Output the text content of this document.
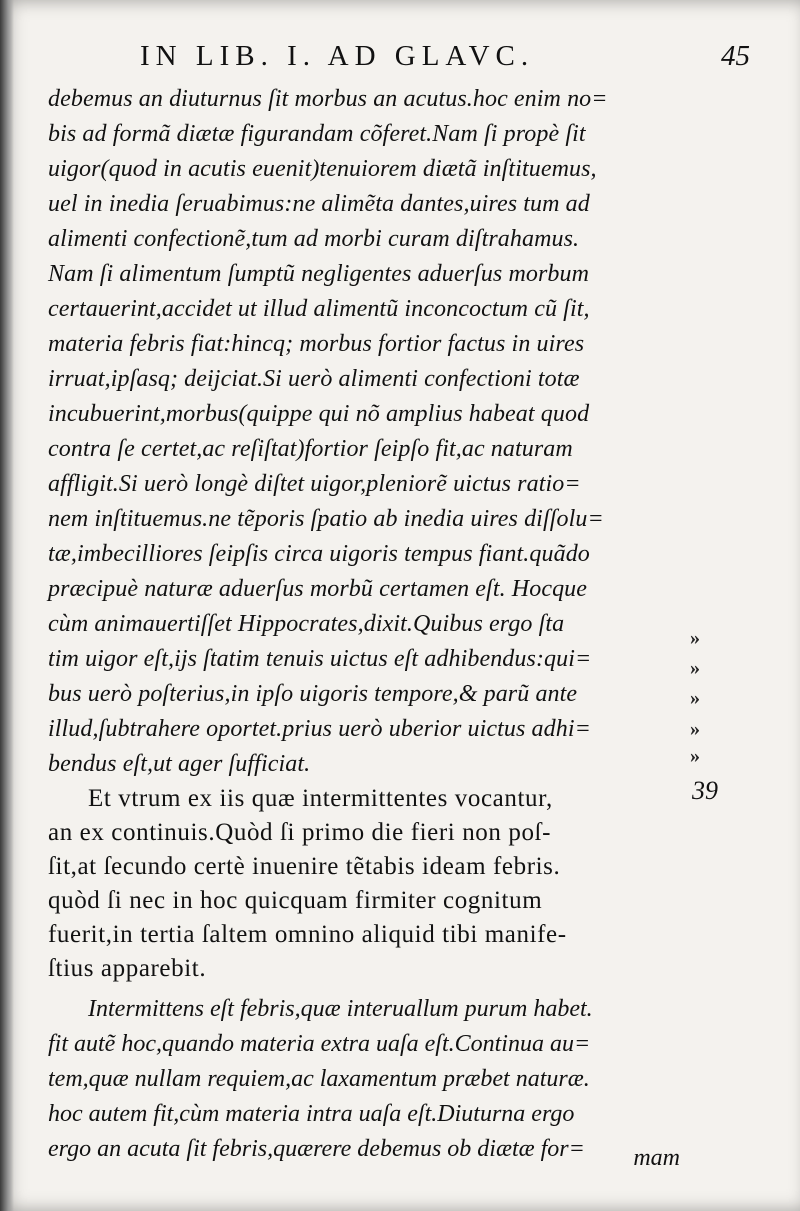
IN LIB. I. AD GLAVC.	45
debemus an diuturnus ſit morbus an acutus.hoc enim no=
bis ad formã diætæ figurandam cõferet.Nam ſi propè ſit
uigor(quod in acutis euenit)tenuiorem diætã inſtituemus,
uel in inedia ſeruabimus:ne alimẽta dantes,uires tum ad
alimenti confectionẽ,tum ad morbi curam diſtrahamus.
Nam ſi alimentum ſumptũ negligentes aduerſus morbum
certauerint,accidet ut illud alimentũ inconcoctum cũ ſit,
materia febris fiat:hincq; morbus fortior factus in uires
irruat,ipſasq; deijciat.Si uerò alimenti confectioni totæ
incubuerint,morbus(quippe qui nõ amplius habeat quod
contra ſe certet,ac reſiſtat)fortior ſeipſo fit,ac naturam
affligit.Si uerò longè diſtet uigor,pleniorẽ uictus ratio=
nem inſtituemus.ne tẽporis ſpatio ab inedia uires diſſolu=
tæ,imbecilliores ſeipſis circa uigoris tempus fiant.quãdo
præcipuè naturæ aduerſus morbũ certamen eſt. Hocque
cùm animauertiſſet Hippocrates,dixit.Quibus ergo ſta
tim uigor eſt,ijs ſtatim tenuis uictus eſt adhibendus:qui=
bus uerò poſterius,in ipſo uigoris tempore,& parũ ante
illud,ſubtrahere oportet.prius uerò uberior uictus adhi=
bendus eſt,ut ager ſufficiat.
Et vtrum ex iis quæ intermittentes vocantur,
an ex continuis.Quòd ſi primo die fieri non poſ-
ſit,at ſecundo certè inuenire tẽtabis ideam febris.
quòd ſi nec in hoc quicquam firmiter cognitum
fuerit,in tertia ſaltem omnino aliquid tibi manife-
ſtius apparebit.
Intermittens eſt febris,quæ interuallum purum habet.
fit autẽ hoc,quando materia extra uaſa eſt.Continua au=
tem,quæ nullam requiem,ac laxamentum præbet naturæ.
hoc autem fit,cùm materia intra uaſa eſt.Diuturna ergo
ergo an acuta ſit febris,quærere debemus ob diætæ for=
»
»
»
»
»
39
mam
